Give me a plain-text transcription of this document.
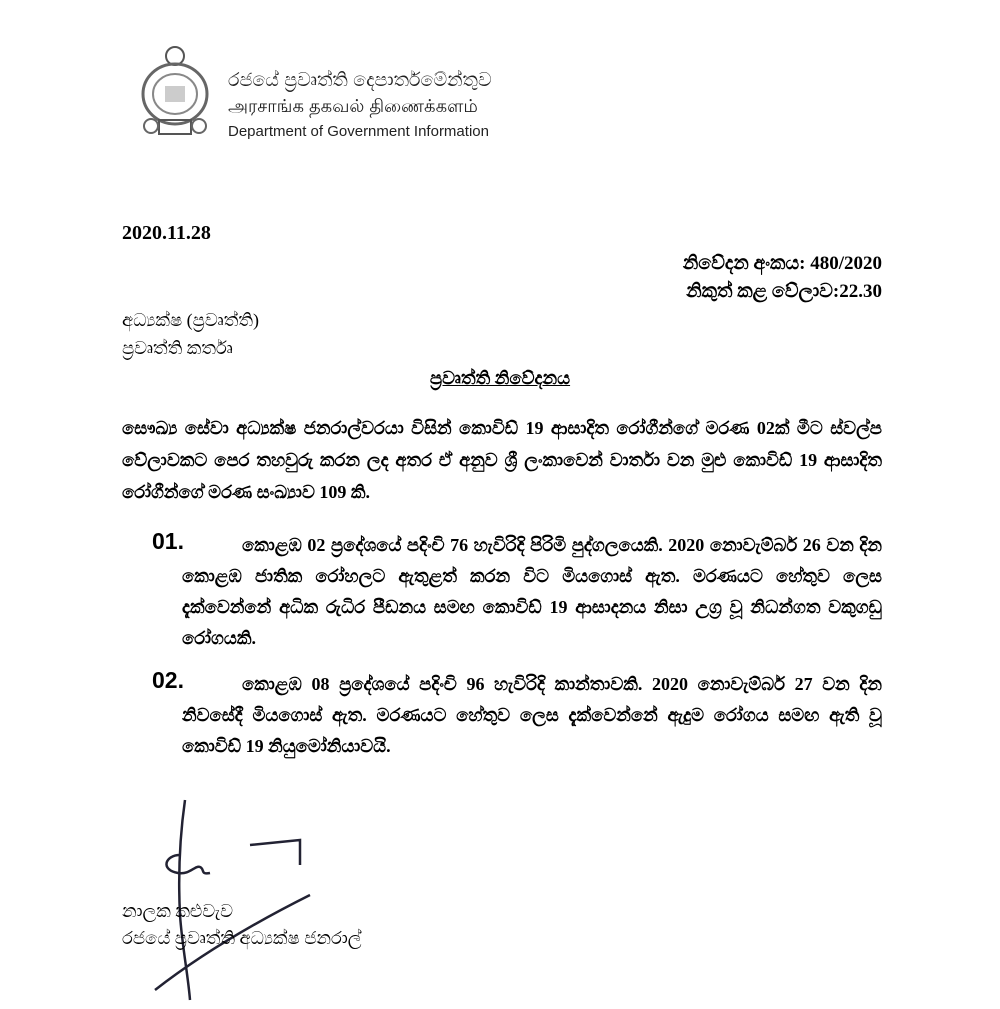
රජයේ ප්‍රවෘත්ති දෙපාර්තමේන්තුව
அரசாங்க தகவல் திணைக்களம்
Department of Government Information
2020.11.28
නිවේදන අංකය: 480/2020
නිකුත් කළ වේලාව:22.30
අධ්‍යක්ෂ (ප්‍රවෘත්ති)
ප්‍රවෘත්ති කර්තෘ
ප්‍රවෘත්ති නිවේදනය
සෞඛ්‍ය සේවා අධ්‍යක්ෂ ජනරාල්වරයා විසින් කොවිඩ් 19 ආසාදිත රෝගීන්ගේ මරණ 02ක් මීට ස්වල්ප වේලාවකට පෙර තහවුරු කරන ලද අතර ඒ අනුව ශ්‍රී ලංකාවෙන් වාර්තා වන මුළු කොවිඩ් 19 ආසාදිත රෝගීන්ගේ මරණ සංඛ්‍යාව 109 කි.
01.	කොළඹ 02 ප්‍රදේශයේ පදිංචි 76 හැවිරිදි පිරිමි පුද්ගලයෙකි. 2020 නොවැම්බර් 26 වන දින කොළඹ ජාතික රෝහලට ඇතුළත් කරන විට මියගොස් ඇත. මරණයට හේතුව ලෙස දැක්වෙන්නේ අධික රුධිර පීඩනය සමඟ කොවිඩ් 19 ආසාදනය නිසා උග්‍ර වූ නිධන්ගත වකුගඩු රෝගයකි.
02.	කොළඹ 08 ප්‍රදේශයේ පදිංචි 96 හැවිරිදි කාන්තාවකි. 2020 නොවැම්බර් 27 වන දින නිවසේදී මියගොස් ඇත. මරණයට හේතුව ලෙස දැක්වෙන්නේ ඇදුම රෝගය සමඟ ඇති වූ කොවිඩ් 19 නියුමෝනියාවයි.
නාලක කළුවැව
රජයේ ප්‍රවෘත්ති අධ්‍යක්ෂ ජනරාල්
